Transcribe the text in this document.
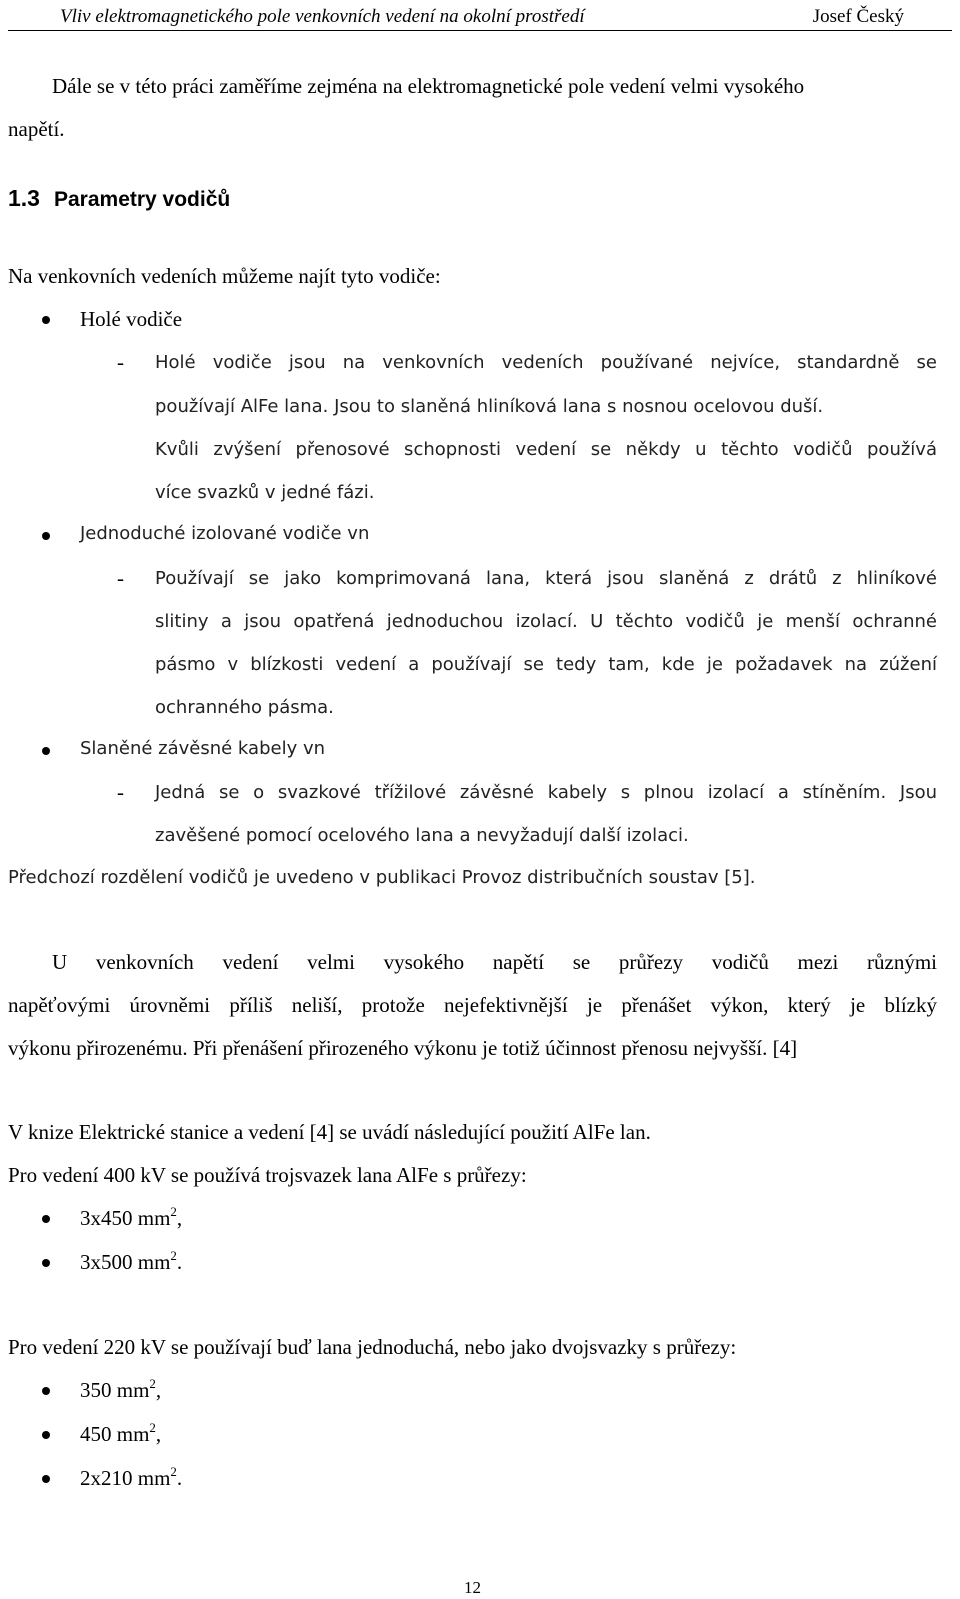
Vliv elektromagnetického pole venkovních vedení na okolní prostředí	Josef Český
Dále se v této práci zaměříme zejména na elektromagnetické pole vedení velmi vysokého
napětí.
1.3 Parametry vodičů
Na venkovních vedeních můžeme najít tyto vodiče:
Holé vodiče
- Holé vodiče jsou na venkovních vedeních používané nejvíce, standardně se
používají AlFe lana. Jsou to slaněná hliníková lana s nosnou ocelovou duší.
Kvůli zvýšení přenosové schopnosti vedení se někdy u těchto vodičů používá
více svazků v jedné fázi.
Jednoduché izolované vodiče vn
- Používají se jako komprimovaná lana, která jsou slaněná z drátů z hliníkové
slitiny a jsou opatřená jednoduchou izolací. U těchto vodičů je menší ochranné
pásmo v blízkosti vedení a používají se tedy tam, kde je požadavek na zúžení
ochranného pásma.
Slaněné závěsné kabely vn
- Jedná se o svazkové třížilové závěsné kabely s plnou izolací a stíněním. Jsou
zavěšené pomocí ocelového lana a nevyžadují další izolaci.
Předchozí rozdělení vodičů je uvedeno v publikaci Provoz distribučních soustav [5].
U venkovních vedení velmi vysokého napětí se průřezy vodičů mezi různými
napěťovými úrovněmi příliš neliší, protože nejefektivnější je přenášet výkon, který je blízký
výkonu přirozenému. Při přenášení přirozeného výkonu je totiž účinnost přenosu nejvyšší. [4]
V knize Elektrické stanice a vedení [4] se uvádí následující použití AlFe lan.
Pro vedení 400 kV se používá trojsvazek lana AlFe s průřezy:
3x450 $mm^2$,
3x500 $mm^2$.
Pro vedení 220 kV se používají buď lana jednoduchá, nebo jako dvojsvazky s průřezy:
350 $mm^2$,
450 $mm^2$,
2x210 $mm^2$.
12
